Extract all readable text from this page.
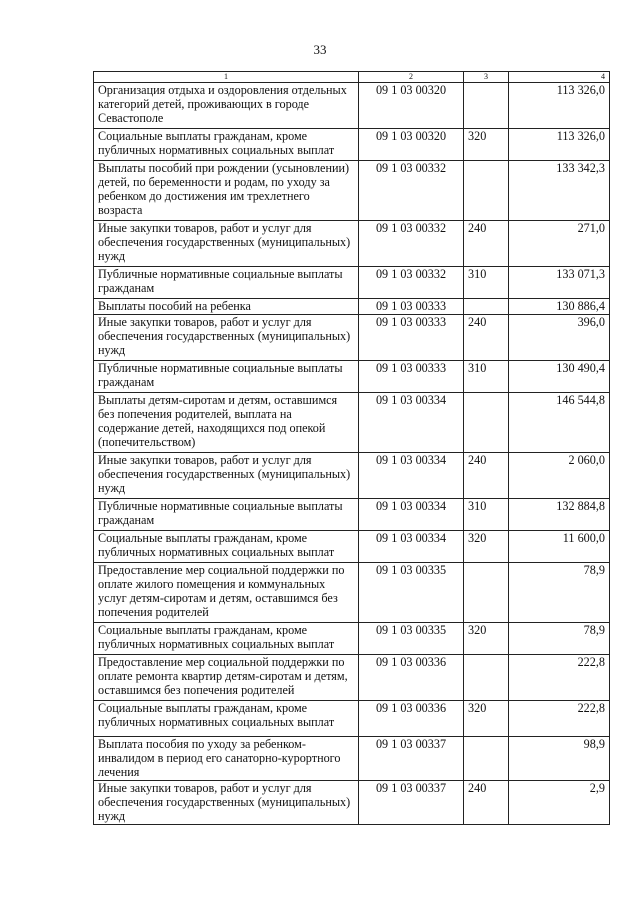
33
1	2	3	4
Организация отдыха и оздоровления отдельных категорий детей, проживающих в городе Севастополе	09 1 03 00320		113 326,0
Социальные выплаты гражданам, кроме публичных нормативных социальных выплат	09 1 03 00320	320	113 326,0
Выплаты пособий при рождении (усыновлении) детей, по беременности и родам, по уходу за ребенком до достижения им трехлетнего возраста	09 1 03 00332		133 342,3
Иные закупки товаров, работ и услуг для обеспечения государственных (муниципальных) нужд	09 1 03 00332	240	271,0
Публичные нормативные социальные выплаты гражданам	09 1 03 00332	310	133 071,3
Выплаты пособий на ребенка	09 1 03 00333		130 886,4
Иные закупки товаров, работ и услуг для обеспечения государственных (муниципальных) нужд	09 1 03 00333	240	396,0
Публичные нормативные социальные выплаты гражданам	09 1 03 00333	310	130 490,4
Выплаты детям-сиротам и детям, оставшимся без попечения родителей, выплата на содержание детей, находящихся под опекой (попечительством)	09 1 03 00334		146 544,8
Иные закупки товаров, работ и услуг для обеспечения государственных (муниципальных) нужд	09 1 03 00334	240	2 060,0
Публичные нормативные социальные выплаты гражданам	09 1 03 00334	310	132 884,8
Социальные выплаты гражданам, кроме публичных нормативных социальных выплат	09 1 03 00334	320	11 600,0
Предоставление мер социальной поддержки по оплате жилого помещения и коммунальных услуг детям-сиротам и детям, оставшимся без попечения родителей	09 1 03 00335		78,9
Социальные выплаты гражданам, кроме публичных нормативных социальных выплат	09 1 03 00335	320	78,9
Предоставление мер социальной поддержки по оплате ремонта квартир детям-сиротам и детям, оставшимся без попечения родителей	09 1 03 00336		222,8
Социальные выплаты гражданам, кроме публичных нормативных социальных выплат	09 1 03 00336	320	222,8
Выплата пособия по уходу за ребенком-инвалидом в период его санаторно-курортного лечения	09 1 03 00337		98,9
Иные закупки товаров, работ и услуг для обеспечения государственных (муниципальных) нужд	09 1 03 00337	240	2,9
